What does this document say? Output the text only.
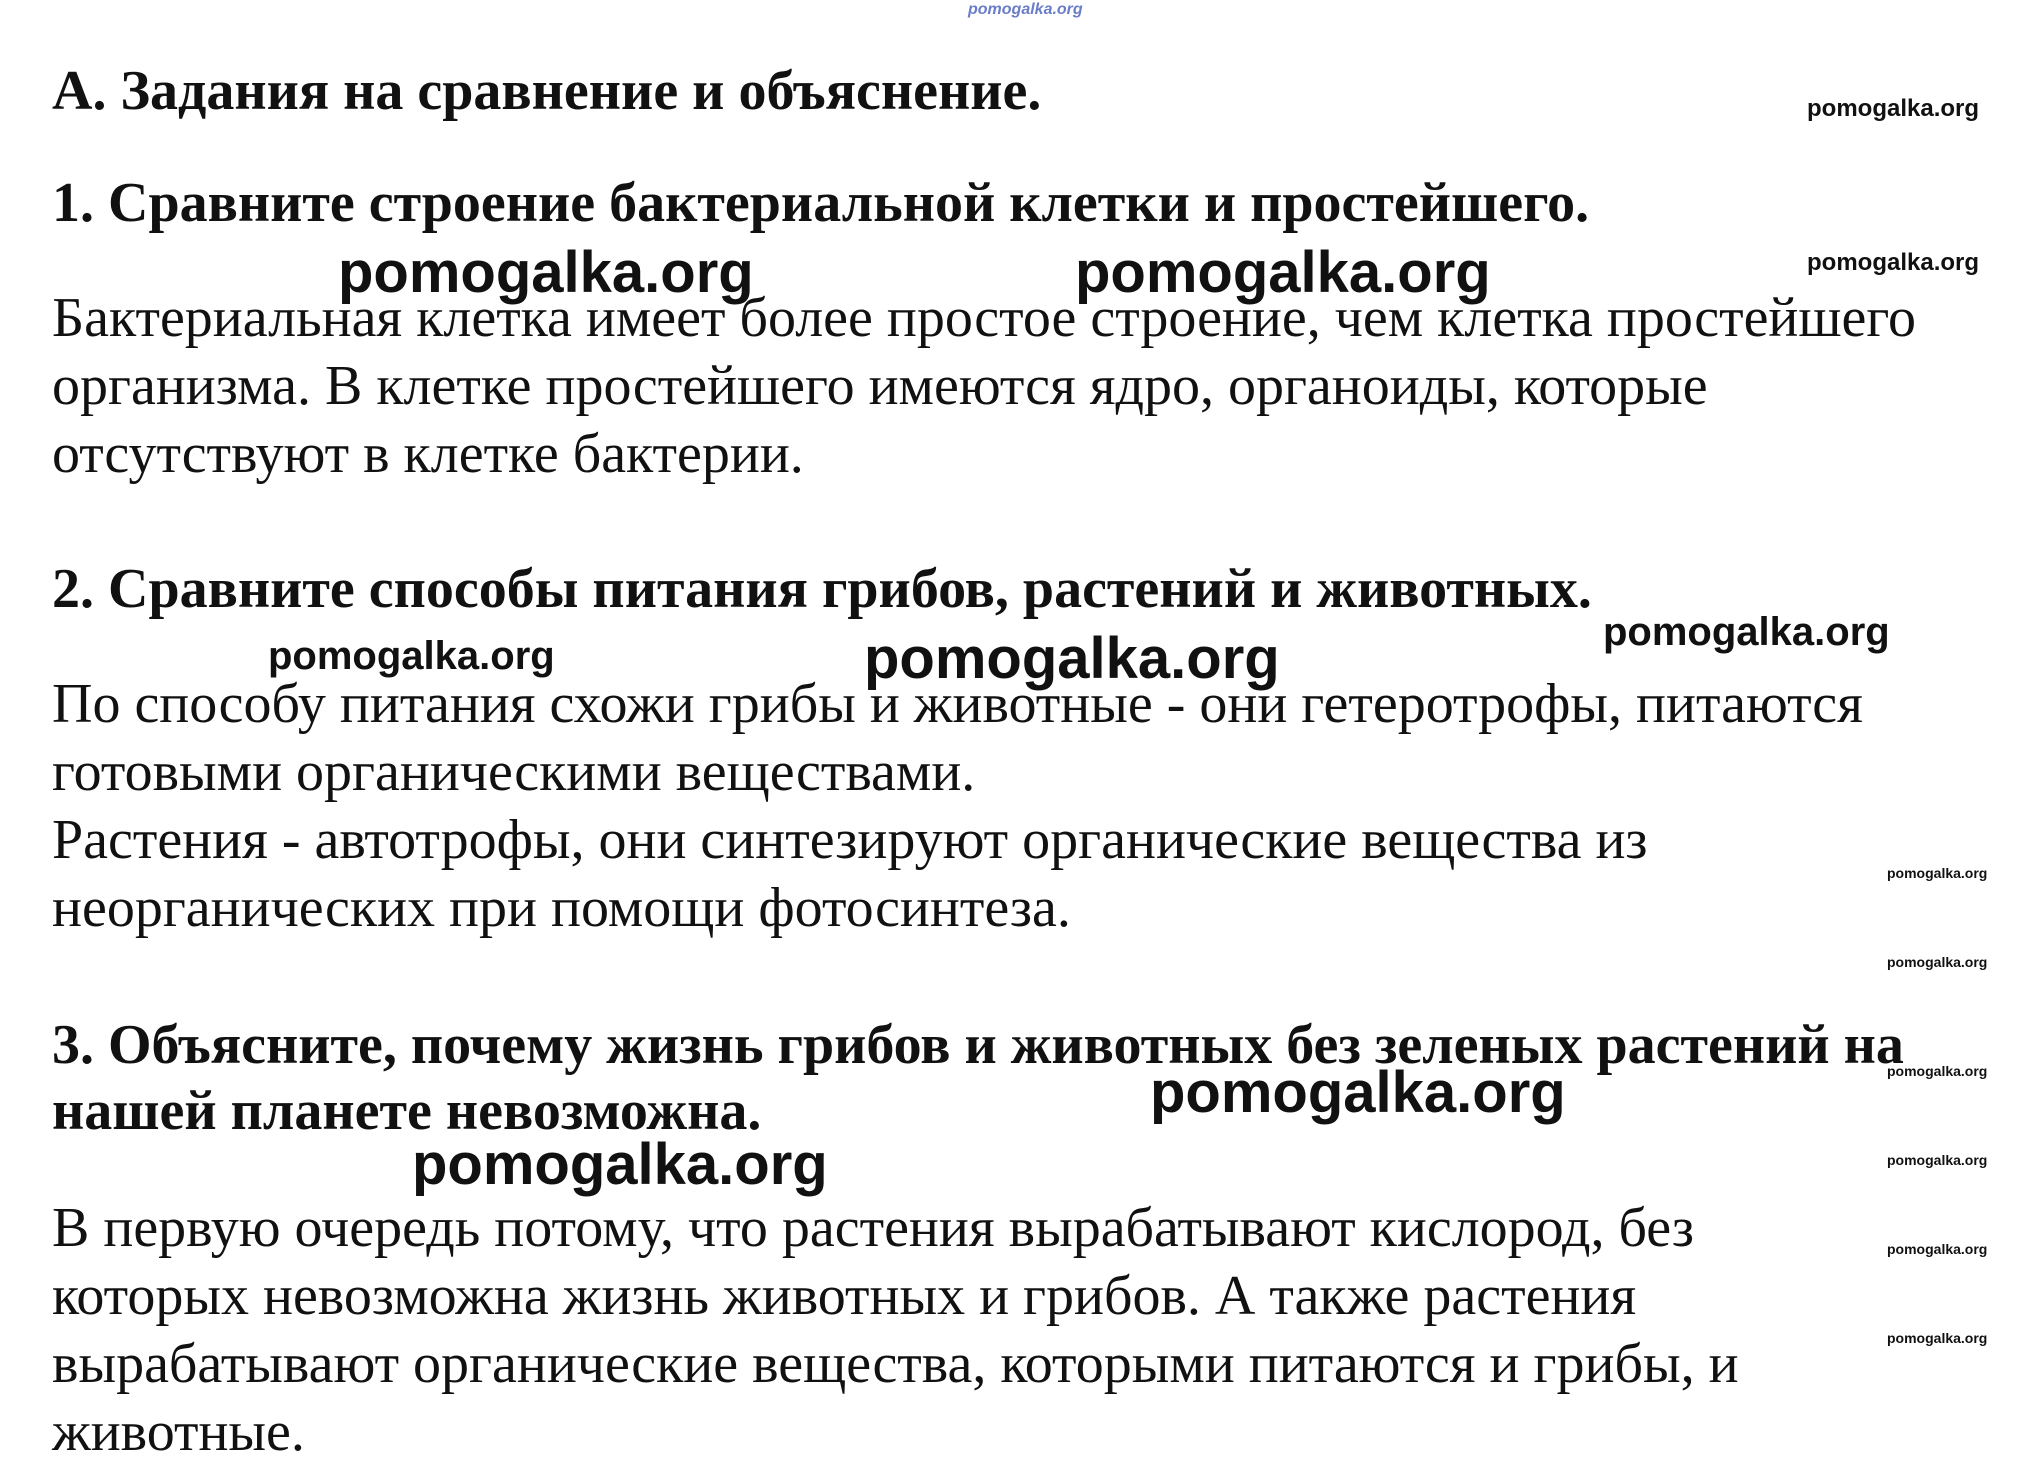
А. Задания на сравнение и объяснение.
1. Сравните строение бактериальной клетки и простейшего.
Бактериальная клетка имеет более простое строение, чем клетка простейшего
организма. В клетке простейшего имеются ядро, органоиды, которые
отсутствуют в клетке бактерии.
2. Сравните способы питания грибов, растений и животных.
По способу питания схожи грибы и животные - они гетеротрофы, питаются
готовыми органическими веществами.
Растения - автотрофы, они синтезируют органические вещества из
неорганических при помощи фотосинтеза.
3. Объясните, почему жизнь грибов и животных без зеленых растений на
нашей планете невозможна.
В первую очередь потому, что растения вырабатывают кислород, без
которых невозможна жизнь животных и грибов. А также растения
вырабатывают органические вещества, которыми питаются и грибы, и
животные.
pomogalka.org
pomogalka.org
pomogalka.org
pomogalka.org	pomogalka.org
pomogalka.org
pomogalka.org	pomogalka.org
pomogalka.org
pomogalka.org
pomogalka.org
pomogalka.org
pomogalka.org	pomogalka.org
pomogalka.org
pomogalka.org
